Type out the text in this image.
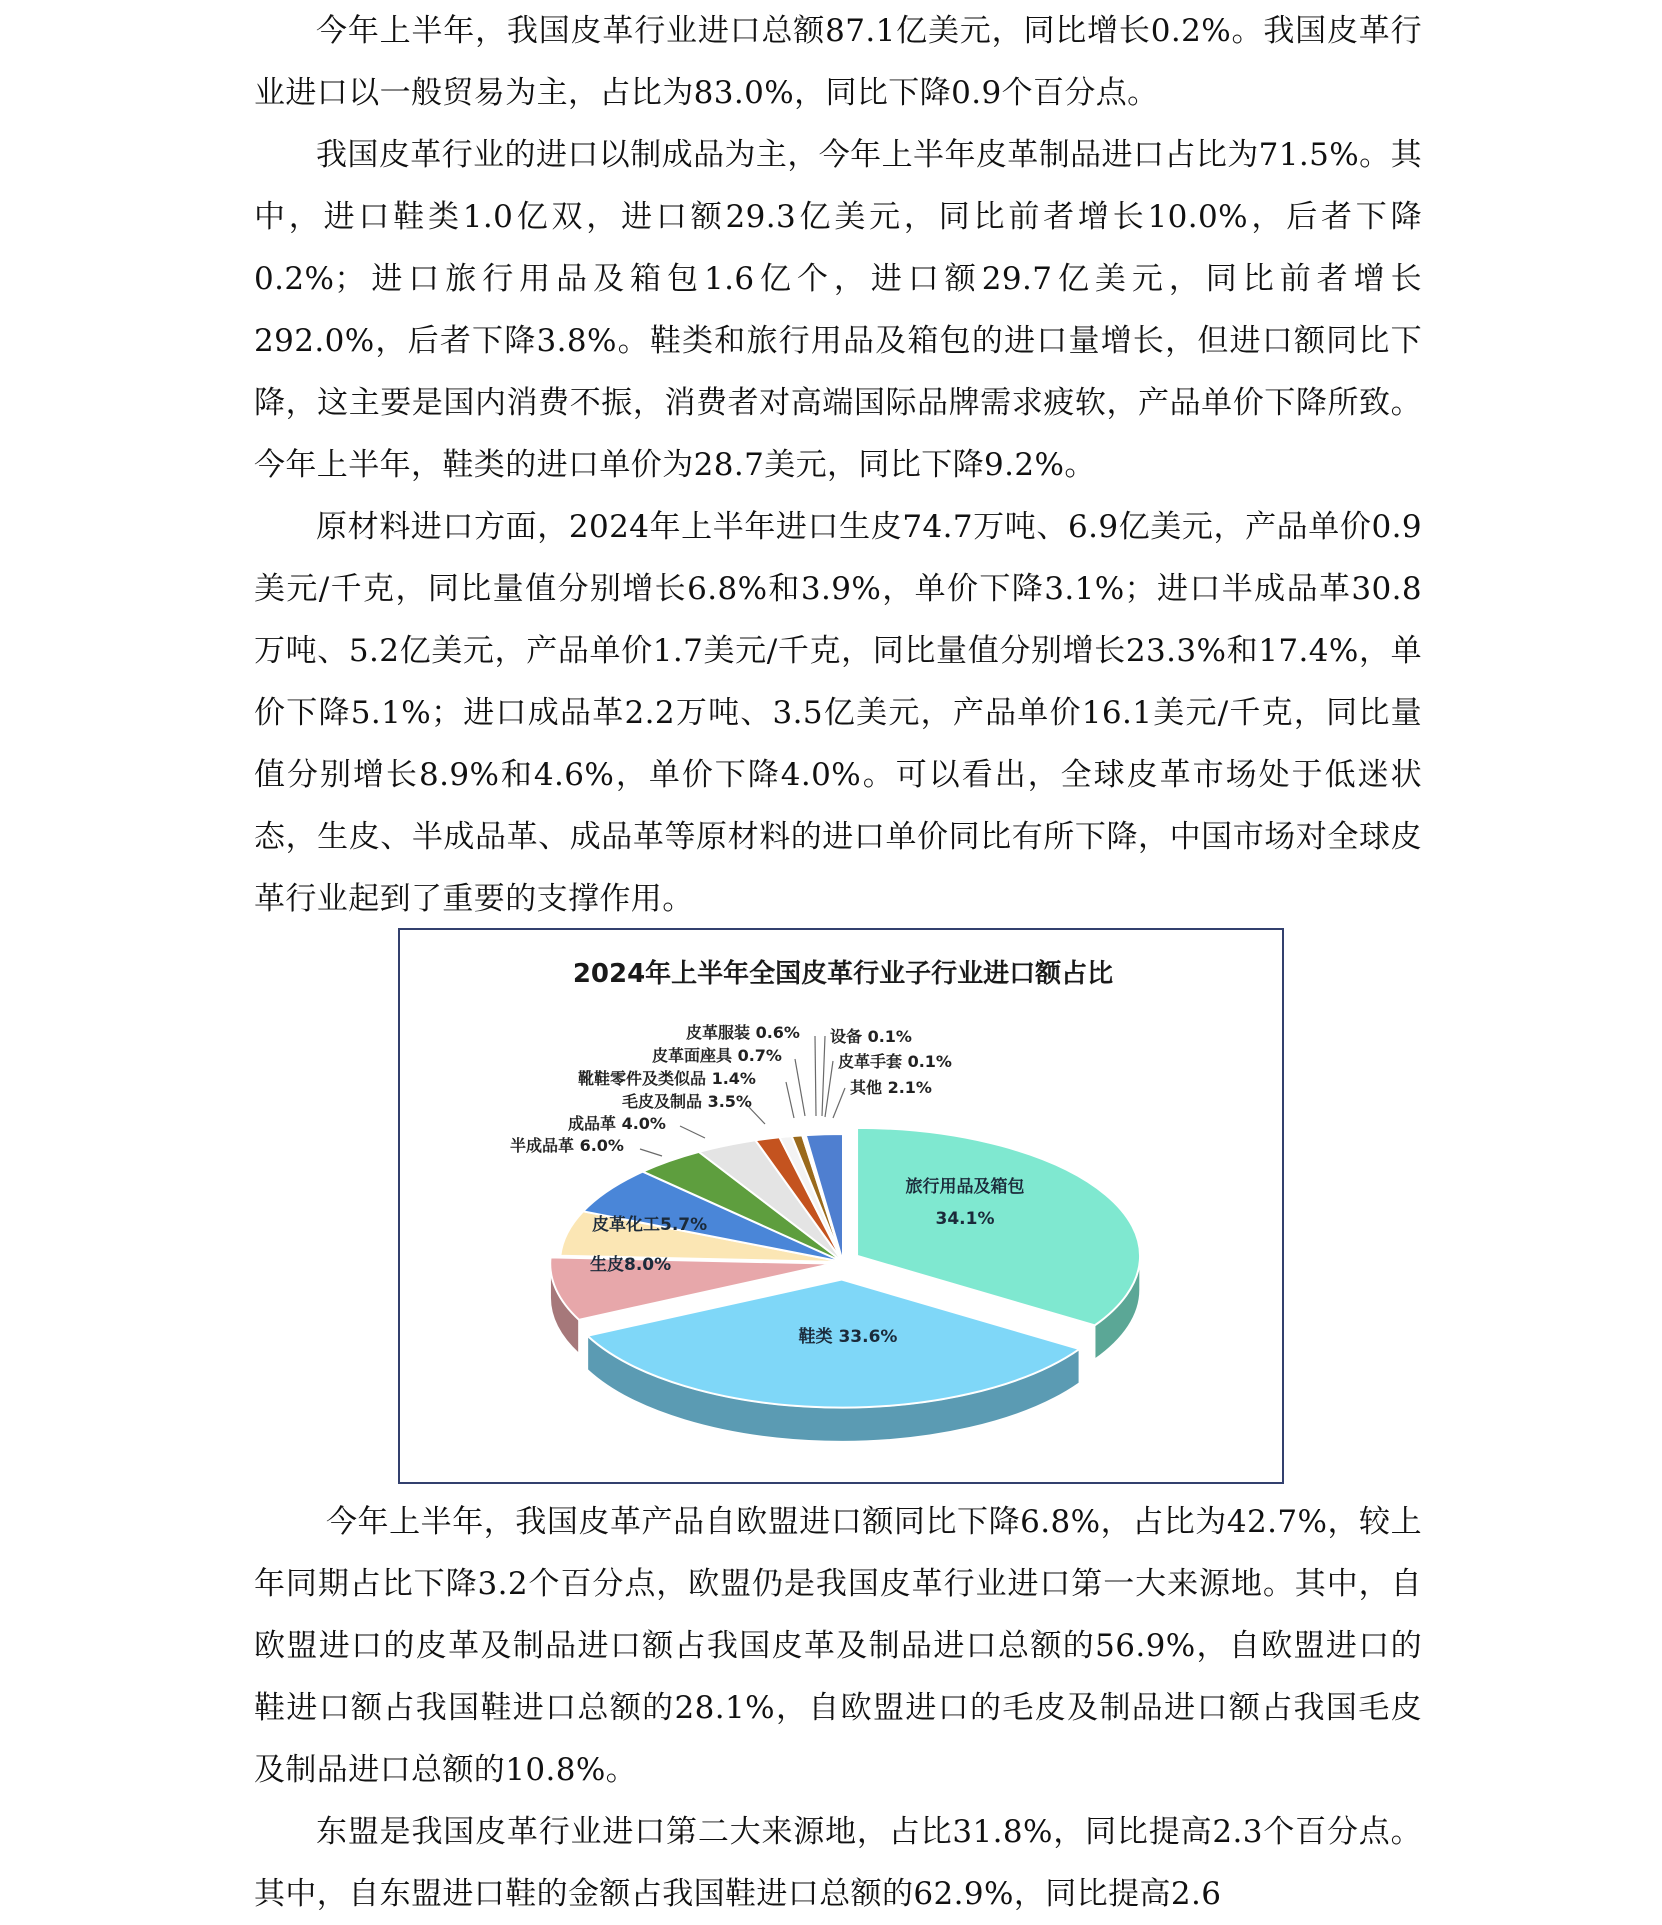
今年上半年，我国皮革行业进口总额87.1亿美元，同比增长0.2%。我国皮革行业进口以一般贸易为主，占比为83.0%，同比下降0.9个百分点。

我国皮革行业的进口以制成品为主，今年上半年皮革制品进口占比为71.5%。其中，进口鞋类1.0亿双，进口额29.3亿美元，同比前者增长10.0%，后者下降0.2%；进口旅行用品及箱包1.6亿个，进口额29.7亿美元，同比前者增长292.0%，后者下降3.8%。鞋类和旅行用品及箱包的进口量增长，但进口额同比下降，这主要是国内消费不振，消费者对高端国际品牌需求疲软，产品单价下降所致。今年上半年，鞋类的进口单价为28.7美元，同比下降9.2%。

原材料进口方面，2024年上半年进口生皮74.7万吨、6.9亿美元，产品单价0.9美元/千克，同比量值分别增长6.8%和3.9%，单价下降3.1%；进口半成品革30.8万吨、5.2亿美元，产品单价1.7美元/千克，同比量值分别增长23.3%和17.4%，单价下降5.1%；进口成品革2.2万吨、3.5亿美元，产品单价16.1美元/千克，同比量值分别增长8.9%和4.6%，单价下降4.0%。可以看出，全球皮革市场处于低迷状态，生皮、半成品革、成品革等原材料的进口单价同比有所下降，中国市场对全球皮革行业起到了重要的支撑作用。

2024年上半年全国皮革行业子行业进口额占比
旅行用品及箱包
34.1%
鞋类 33.6%
生皮8.0%
皮革化工5.7%
半成品革 6.0%
成品革 4.0%
毛皮及制品 3.5%
靴鞋零件及类似品 1.4%
皮革面座具 0.7%
皮革服装 0.6% 设备 0.1%
皮革手套 0.1%
其他 2.1%

今年上半年，我国皮革产品自欧盟进口额同比下降6.8%，占比为42.7%，较上年同期占比下降3.2个百分点，欧盟仍是我国皮革行业进口第一大来源地。其中，自欧盟进口的皮革及制品进口额占我国皮革及制品进口总额的56.9%，自欧盟进口的鞋进口额占我国鞋进口总额的28.1%，自欧盟进口的毛皮及制品进口额占我国毛皮及制品进口总额的10.8%。

东盟是我国皮革行业进口第二大来源地，占比31.8%，同比提高2.3个百分点。其中，自东盟进口鞋的金额占我国鞋进口总额的62.9%，同比提高2.6
